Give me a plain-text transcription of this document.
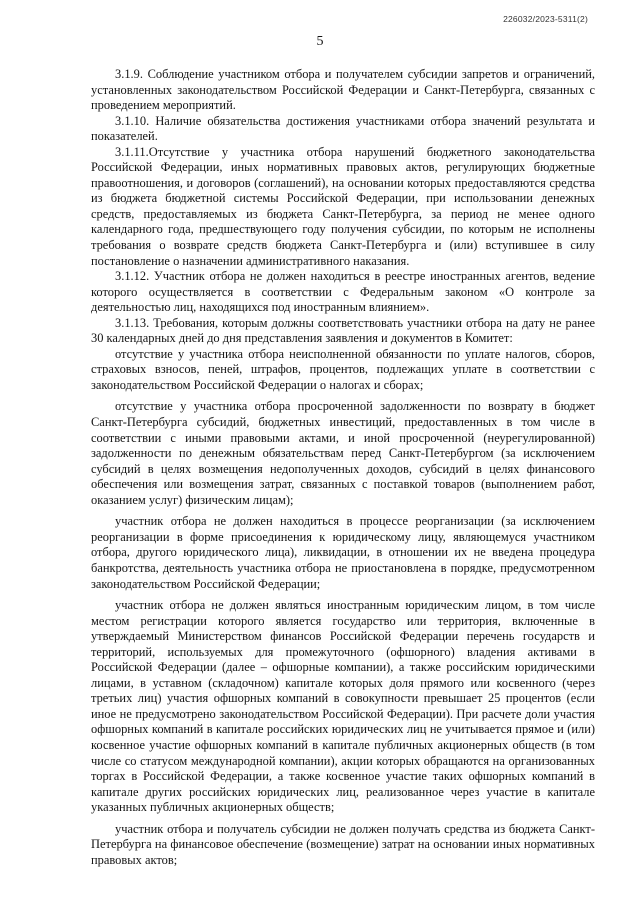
226032/2023-5311(2)
5

3.1.9. Соблюдение участником отбора и получателем субсидии запретов и ограничений, установленных законодательством Российской Федерации и Санкт-Петербурга, связанных с проведением мероприятий.

3.1.10. Наличие обязательства достижения участниками отбора значений результата и показателей.

3.1.11.Отсутствие у участника отбора нарушений бюджетного законодательства Российской Федерации, иных нормативных правовых актов, регулирующих бюджетные правоотношения, и договоров (соглашений), на основании которых предоставляются средства из бюджета бюджетной системы Российской Федерации, при использовании денежных средств, предоставляемых из бюджета Санкт-Петербурга, за период не менее одного календарного года, предшествующего году получения субсидии, по которым не исполнены требования о возврате средств бюджета Санкт-Петербурга и (или) вступившее в силу постановление о назначении административного наказания.

3.1.12. Участник отбора не должен находиться в реестре иностранных агентов, ведение которого осуществляется в соответствии с Федеральным законом «О контроле за деятельностью лиц, находящихся под иностранным влиянием».

3.1.13. Требования, которым должны соответствовать участники отбора на дату не ранее 30 календарных дней до дня представления заявления и документов в Комитет:

отсутствие у участника отбора неисполненной обязанности по уплате налогов, сборов, страховых взносов, пеней, штрафов, процентов, подлежащих уплате в соответствии с законодательством Российской Федерации о налогах и сборах;

отсутствие у участника отбора просроченной задолженности по возврату в бюджет Санкт-Петербурга субсидий, бюджетных инвестиций, предоставленных в том числе в соответствии с иными правовыми актами, и иной просроченной (неурегулированной) задолженности по денежным обязательствам перед Санкт-Петербургом (за исключением субсидий в целях возмещения недополученных доходов, субсидий в целях финансового обеспечения или возмещения затрат, связанных с поставкой товаров (выполнением работ, оказанием услуг) физическим лицам);

участник отбора не должен находиться в процессе реорганизации (за исключением реорганизации в форме присоединения к юридическому лицу, являющемуся участником отбора, другого юридического лица), ликвидации, в отношении их не введена процедура банкротства, деятельность участника отбора не приостановлена в порядке, предусмотренном законодательством Российской Федерации;

участник отбора не должен являться иностранным юридическим лицом, в том числе местом регистрации которого является государство или территория, включенные в утверждаемый Министерством финансов Российской Федерации перечень государств и территорий, используемых для промежуточного (офшорного) владения активами в Российской Федерации (далее – офшорные компании), а также российским юридическими лицами, в уставном (складочном) капитале которых доля прямого или косвенного (через третьих лиц) участия офшорных компаний в совокупности превышает 25 процентов (если иное не предусмотрено законодательством Российской Федерации). При расчете доли участия офшорных компаний в капитале российских юридических лиц не учитывается прямое и (или) косвенное участие офшорных компаний в капитале публичных акционерных обществ (в том числе со статусом международной компании), акции которых обращаются на организованных торгах в Российской Федерации, а также косвенное участие таких офшорных компаний в капитале других российских юридических лиц, реализованное через участие в капитале указанных публичных акционерных обществ;

участник отбора и получатель субсидии не должен получать средства из бюджета Санкт-Петербурга на финансовое обеспечение (возмещение) затрат на основании иных нормативных правовых актов;
